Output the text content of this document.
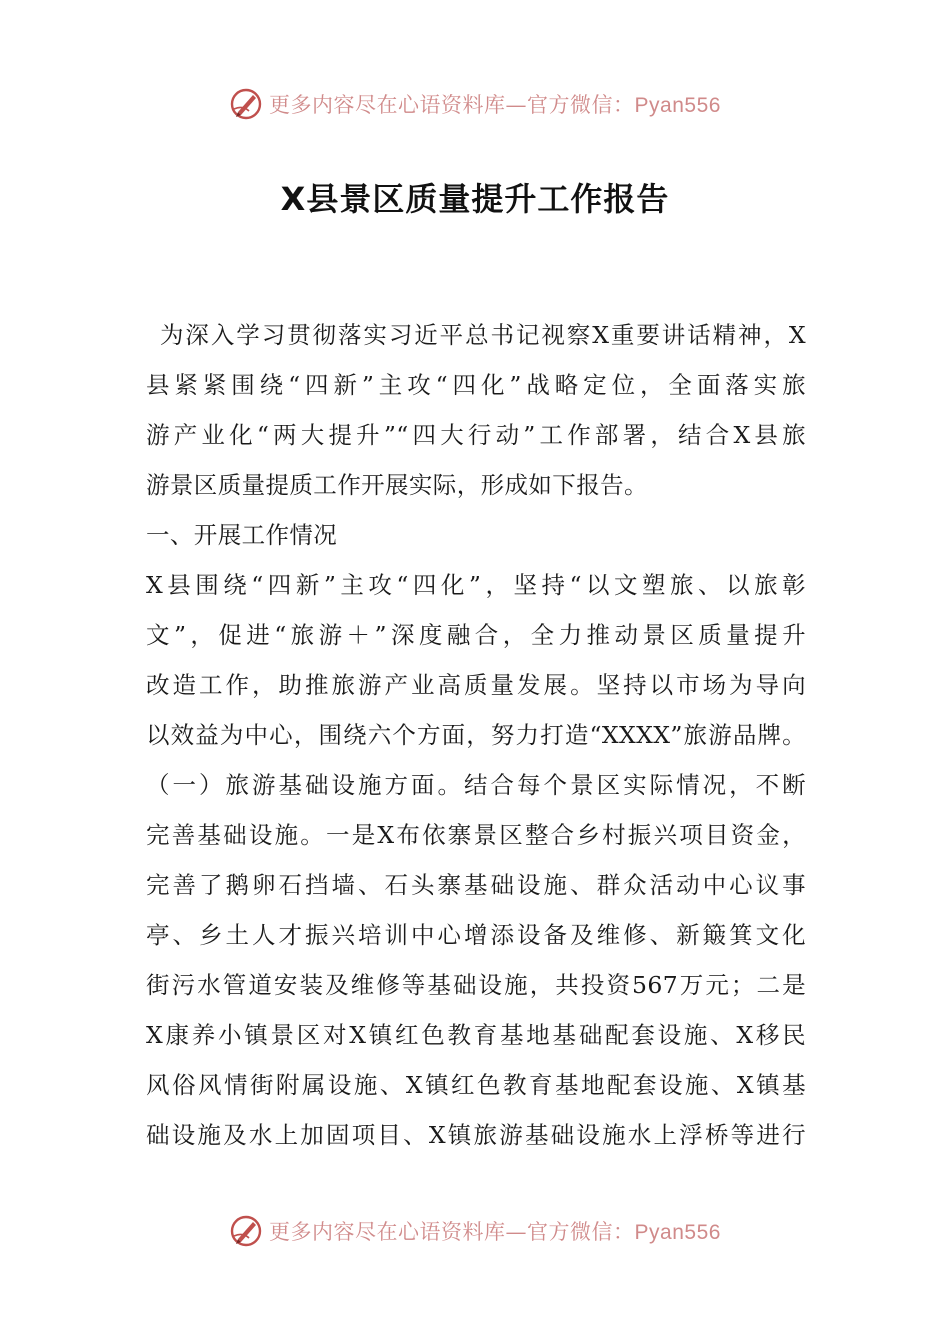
更多内容尽在心语资料库—官方微信：Pyan556
X县景区质量提升工作报告
为深入学习贯彻落实习近平总书记视察X重要讲话精神，X
县紧紧围绕“四新”主攻“四化”战略定位，全面落实旅
游产业化“两大提升”“四大行动”工作部署，结合X县旅
游景区质量提质工作开展实际，形成如下报告。
一、开展工作情况
X县围绕“四新”主攻“四化”，坚持“以文塑旅、以旅彰
文”，促进“旅游＋”深度融合，全力推动景区质量提升
改造工作，助推旅游产业高质量发展。坚持以市场为导向
以效益为中心，围绕六个方面，努力打造“XXXX”旅游品牌。
（一）旅游基础设施方面。结合每个景区实际情况，不断
完善基础设施。一是X布依寨景区整合乡村振兴项目资金，
完善了鹅卵石挡墙、石头寨基础设施、群众活动中心议事
亭、乡土人才振兴培训中心增添设备及维修、新簸箕文化
街污水管道安装及维修等基础设施，共投资567万元；二是
X康养小镇景区对X镇红色教育基地基础配套设施、X移民
风俗风情街附属设施、X镇红色教育基地配套设施、X镇基
础设施及水上加固项目、X镇旅游基础设施水上浮桥等进行
更多内容尽在心语资料库—官方微信：Pyan556
